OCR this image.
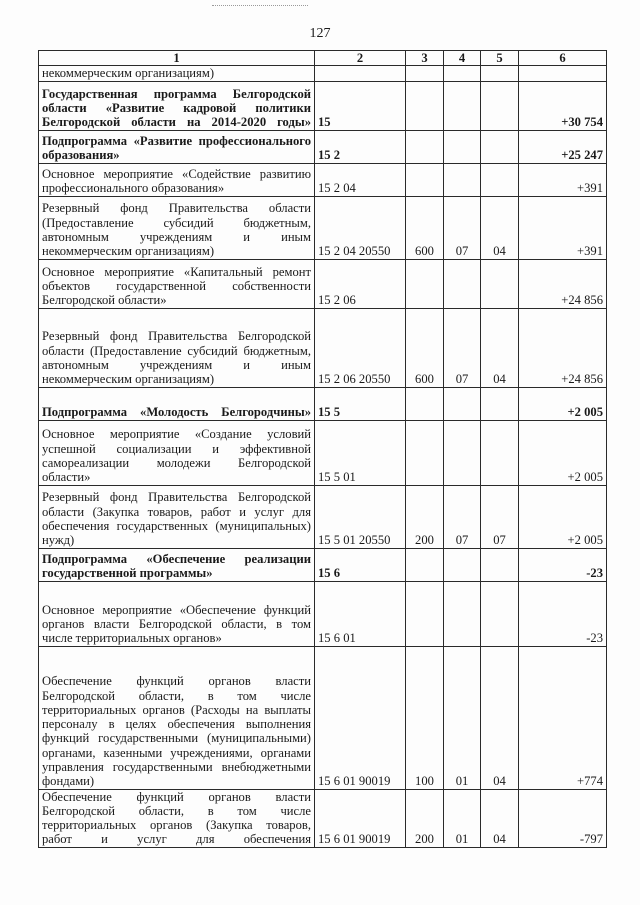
127
1	2	3	4	5	6
некоммерческим организациям)					
Государственная программа Белгородской области «Развитие кадровой политики Белгородской области на 2014-2020 годы»	15				+30 754
Подпрограмма «Развитие профессионального образования»	15 2				+25 247
Основное мероприятие «Содействие развитию профессионального образования»	15 2 04				+391
Резервный фонд Правительства области (Предоставление субсидий бюджетным, автономным учреждениям и иным некоммерческим организациям)	15 2 04 20550	600	07	04	+391
Основное мероприятие «Капитальный ремонт объектов государственной собственности Белгородской области»	15 2 06				+24 856
Резервный фонд Правительства Белгородской области (Предоставление субсидий бюджетным, автономным учреждениям и иным некоммерческим организациям)	15 2 06 20550	600	07	04	+24 856
Подпрограмма «Молодость Белгородчины»	15 5				+2 005
Основное мероприятие «Создание условий успешной социализации и эффективной самореализации молодежи Белгородской области»	15 5 01				+2 005
Резервный фонд Правительства Белгородской области (Закупка товаров, работ и услуг для обеспечения государственных (муниципальных) нужд)	15 5 01 20550	200	07	07	+2 005
Подпрограмма «Обеспечение реализации государственной программы»	15 6				-23
Основное мероприятие «Обеспечение функций органов власти Белгородской области, в том числе территориальных органов»	15 6 01				-23
Обеспечение функций органов власти Белгородской области, в том числе территориальных органов (Расходы на выплаты персоналу в целях обеспечения выполнения функций государственными (муниципальными) органами, казенными учреждениями, органами управления государственными внебюджетными фондами)	15 6 01 90019	100	01	04	+774
Обеспечение функций органов власти Белгородской области, в том числе территориальных органов (Закупка товаров, работ и услуг для обеспечения	15 6 01 90019	200	01	04	-797
